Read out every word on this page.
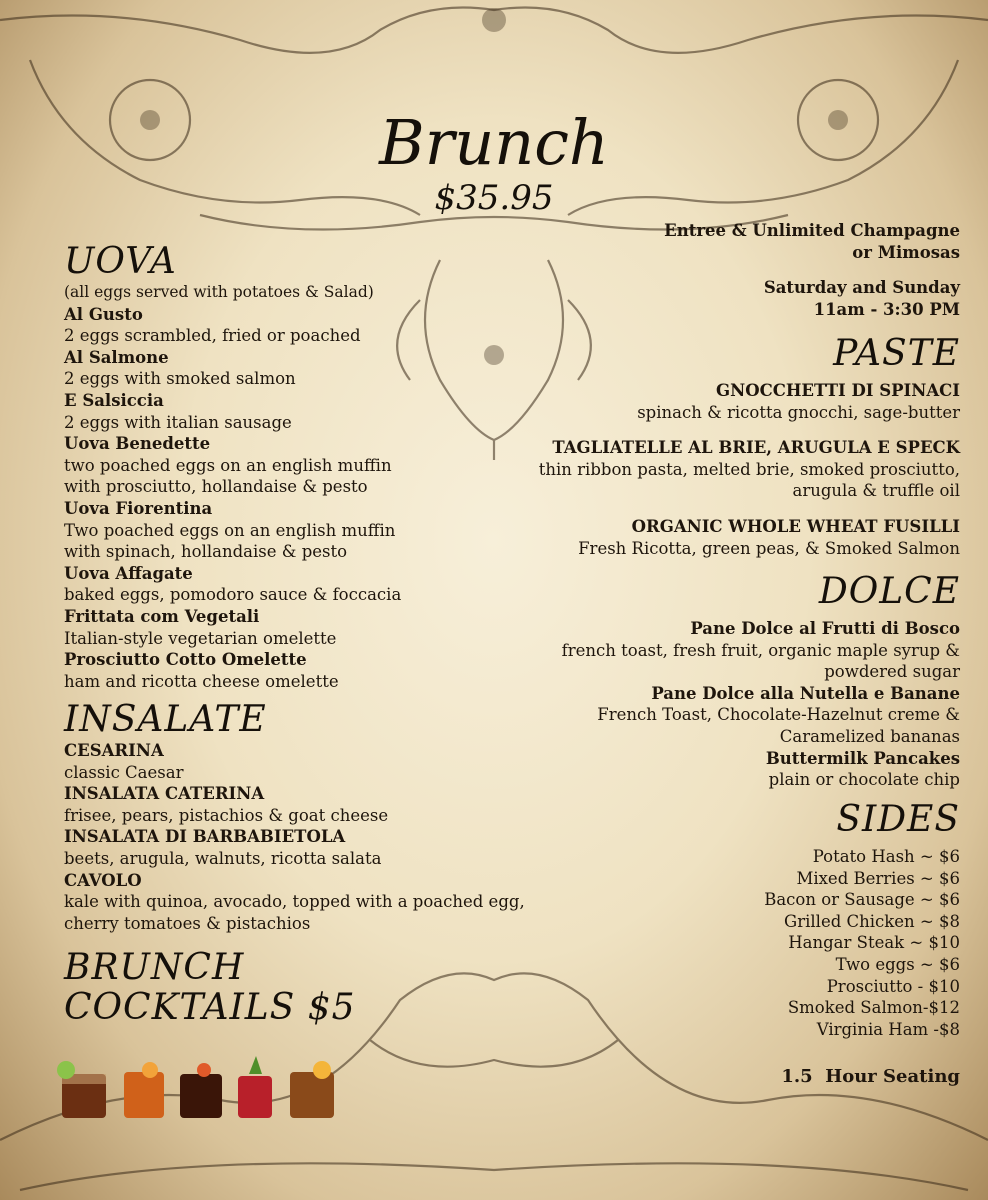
Brunch
$35.95
UOVA
(all eggs served with potatoes & Salad)
Al Gusto
2 eggs scrambled, fried or poached
Al Salmone
2 eggs with smoked salmon
E Salsiccia
2 eggs with italian sausage
Uova Benedette
two poached eggs on an english muffin
with prosciutto, hollandaise & pesto
Uova Fiorentina
Two poached eggs on an english muffin
with spinach, hollandaise & pesto
Uova Affagate
baked eggs, pomodoro sauce & foccacia
Frittata com Vegetali
Italian-style vegetarian omelette
Prosciutto Cotto Omelette
ham and ricotta cheese omelette
INSALATE
CESARINA
classic Caesar
INSALATA CATERINA
frisee, pears, pistachios & goat cheese
INSALATA DI BARBABIETOLA
beets, arugula, walnuts, ricotta salata
CAVOLO
kale with quinoa, avocado, topped with a poached egg,
cherry tomatoes & pistachios
BRUNCH
COCKTAILS $5
Entree & Unlimited Champagne
or Mimosas
Saturday and Sunday
11am - 3:30 PM
PASTE
GNOCCHETTI DI SPINACI
spinach & ricotta gnocchi, sage-butter
TAGLIATELLE AL BRIE, ARUGULA E SPECK
thin ribbon pasta, melted brie, smoked prosciutto,
arugula & truffle oil
ORGANIC WHOLE WHEAT FUSILLI
Fresh Ricotta, green peas, & Smoked Salmon
DOLCE
Pane Dolce al Frutti di Bosco
french toast, fresh fruit, organic maple syrup &
powdered sugar
Pane Dolce alla Nutella e Banane
French Toast, Chocolate-Hazelnut creme &
Caramelized bananas
Buttermilk Pancakes
plain or chocolate chip
SIDES
Potato Hash ~ $6
Mixed Berries ~ $6
Bacon or Sausage ~ $6
Grilled Chicken ~ $8
Hangar Steak ~ $10
Two eggs ~ $6
Prosciutto - $10
Smoked Salmon-$12
Virginia Ham -$8
1.5  Hour Seating
